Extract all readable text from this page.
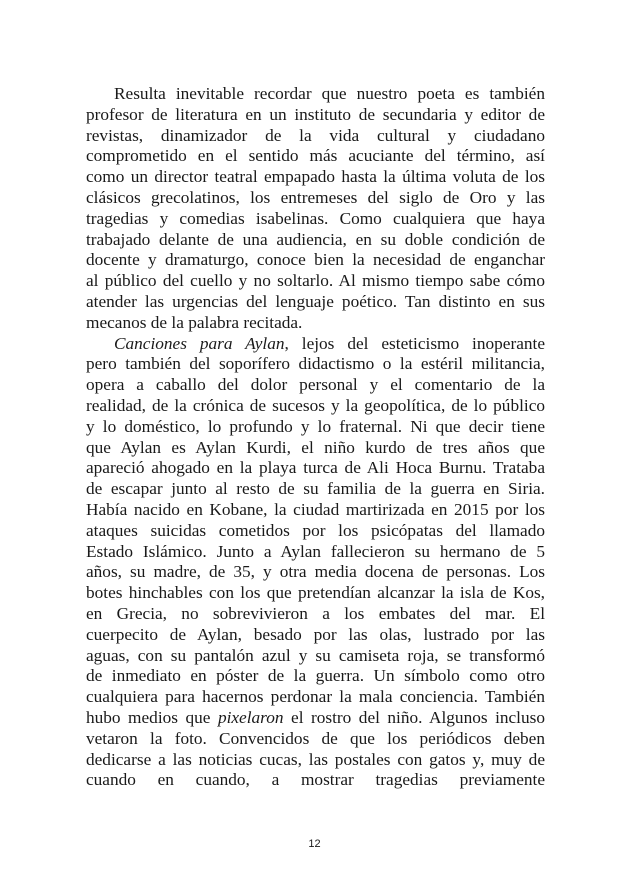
Resulta inevitable recordar que nuestro poeta es también
profesor de literatura en un instituto de secundaria y editor de
revistas, dinamizador de la vida cultural y ciudadano
comprometido en el sentido más acuciante del término, así
como un director teatral empapado hasta la última voluta de los
clásicos grecolatinos, los entremeses del siglo de Oro y las
tragedias y comedias isabelinas. Como cualquiera que haya
trabajado delante de una audiencia, en su doble condición de
docente y dramaturgo, conoce bien la necesidad de enganchar
al público del cuello y no soltarlo. Al mismo tiempo sabe cómo
atender las urgencias del lenguaje poético. Tan distinto en sus
mecanos de la palabra recitada.
Canciones para Aylan, lejos del esteticismo inoperante
pero también del soporífero didactismo o la estéril militancia,
opera a caballo del dolor personal y el comentario de la
realidad, de la crónica de sucesos y la geopolítica, de lo público
y lo doméstico, lo profundo y lo fraternal. Ni que decir tiene
que Aylan es Aylan Kurdi, el niño kurdo de tres años que
apareció ahogado en la playa turca de Ali Hoca Burnu. Trataba
de escapar junto al resto de su familia de la guerra en Siria.
Había nacido en Kobane, la ciudad martirizada en 2015 por los
ataques suicidas cometidos por los psicópatas del llamado
Estado Islámico. Junto a Aylan fallecieron su hermano de 5
años, su madre, de 35, y otra media docena de personas. Los
botes hinchables con los que pretendían alcanzar la isla de Kos,
en Grecia, no sobrevivieron a los embates del mar. El
cuerpecito de Aylan, besado por las olas, lustrado por las
aguas, con su pantalón azul y su camiseta roja, se transformó
de inmediato en póster de la guerra. Un símbolo como otro
cualquiera para hacernos perdonar la mala conciencia. También
hubo medios que pixelaron el rostro del niño. Algunos incluso
vetaron la foto. Convencidos de que los periódicos deben
dedicarse a las noticias cucas, las postales con gatos y, muy de
cuando en cuando, a mostrar tragedias previamente
12
